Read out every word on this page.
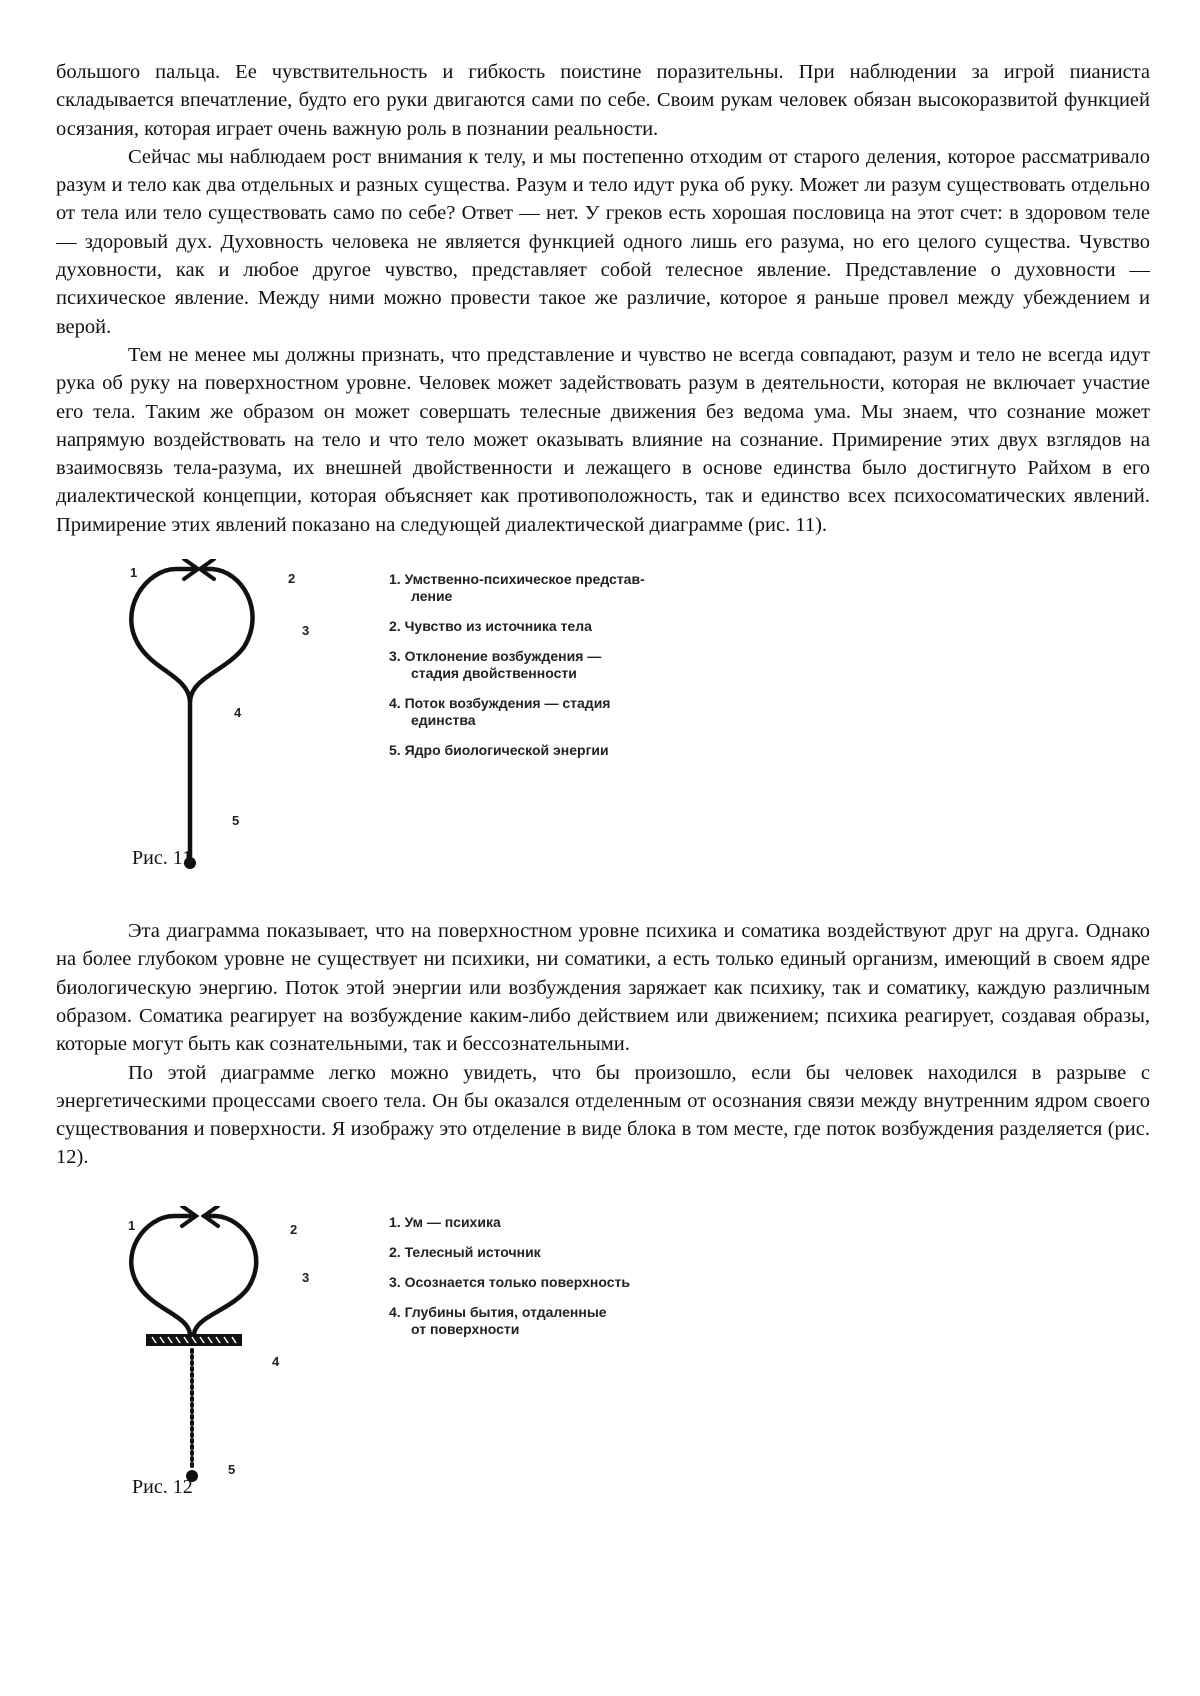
большого пальца. Ее чувствительность и гибкость поистине поразительны. При наблюдении за игрой пианиста складывается впечатление, будто его руки двигаются сами по себе. Своим рукам человек обязан высокоразвитой функцией осязания, которая играет очень важную роль в познании реальности.

Сейчас мы наблюдаем рост внимания к телу, и мы постепенно отходим от старого деления, которое рассматривало разум и тело как два отдельных и разных существа. Разум и тело идут рука об руку. Может ли разум существовать отдельно от тела или тело существовать само по себе? Ответ — нет. У греков есть хорошая пословица на этот счет: в здоровом теле — здоровый дух. Духовность человека не является функцией одного лишь его разума, но его целого существа. Чувство духовности, как и любое другое чувство, представляет собой телесное явление. Представление о духовности — психическое явление. Между ними можно провести такое же различие, которое я раньше провел между убеждением и верой.

Тем не менее мы должны признать, что представление и чувство не всегда совпадают, разум и тело не всегда идут рука об руку на поверхностном уровне. Человек может задействовать разум в деятельности, которая не включает участие его тела. Таким же образом он может совершать телесные движения без ведома ума. Мы знаем, что сознание может напрямую воздействовать на тело и что тело может оказывать влияние на сознание. Примирение этих двух взглядов на взаимосвязь тела-разума, их внешней двойственности и лежащего в основе единства было достигнуто Райхом в его диалектической концепции, которая объясняет как противоположность, так и единство всех психосоматических явлений. Примирение этих явлений показано на следующей диалектической диаграмме (рис. 11).

1	2
3
4
5
1. Умственно-психическое представ-
ление
2. Чувство из источника тела
3. Отклонение возбуждения —
стадия двойственности
4. Поток возбуждения — стадия
единства
5. Ядро биологической энергии
Рис. 11

Эта диаграмма показывает, что на поверхностном уровне психика и соматика воздействуют друг на друга. Однако на более глубоком уровне не существует ни психики, ни соматики, а есть только единый организм, имеющий в своем ядре биологическую энергию. Поток этой энергии или возбуждения заряжает как психику, так и соматику, каждую различным образом. Соматика реагирует на возбуждение каким-либо действием или движением; психика реагирует, создавая образы, которые могут быть как сознательными, так и бессознательными.

По этой диаграмме легко можно увидеть, что бы произошло, если бы человек находился в разрыве с энергетическими процессами своего тела. Он бы оказался отделенным от осознания связи между внутренним ядром своего существования и поверхности. Я изображу это отделение в виде блока в том месте, где поток возбуждения разделяется (рис. 12).

1	2
3
4
5
1. Ум — психика
2. Телесный источник
3. Осознается только поверхность
4. Глубины бытия, отдаленные
от поверхности
Рис. 12
